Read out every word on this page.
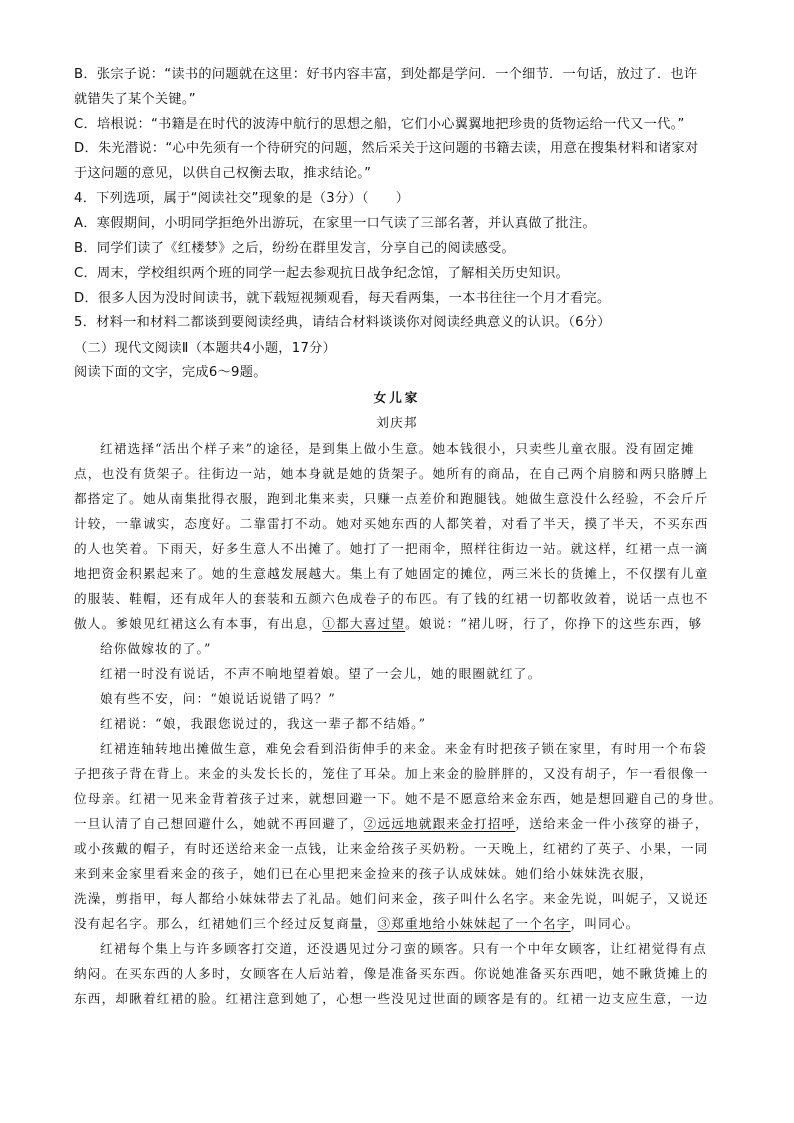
B．张宗子说：“读书的问题就在这里：好书内容丰富，到处都是学问．一个细节．一句话，放过了．也许
就错失了某个关键。”
C．培根说：“书籍是在时代的波涛中航行的思想之船，它们小心翼翼地把珍贵的货物运给一代又一代。”
D．朱光潜说：“心中先须有一个待研究的问题，然后采关于这问题的书籍去读，用意在搜集材料和诸家对
于这问题的意见，以供自己权衡去取，推求结论。”
4．下列选项，属于“阅读社交”现象的是（3分）（　　）
A．寒假期间，小明同学拒绝外出游玩，在家里一口气读了三部名著，并认真做了批注。
B．同学们读了《红楼梦》之后，纷纷在群里发言，分享自己的阅读感受。
C．周末，学校组织两个班的同学一起去参观抗日战争纪念馆，了解相关历史知识。
D．很多人因为没时间读书，就下载短视频观看，每天看两集，一本书往往一个月才看完。
5．材料一和材料二都谈到要阅读经典，请结合材料谈谈你对阅读经典意义的认识。（6分）
（二）现代文阅读Ⅱ（本题共4小题，17分）
阅读下面的文字，完成6～9题。
女儿家
刘庆邦
红裙选择“活出个样子来”的途径，是到集上做小生意。她本钱很小，只卖些儿童衣服。没有固定摊
点，也没有货架子。往街边一站，她本身就是她的货架子。她所有的商品，在自己两个肩膀和两只胳膊上
都搭定了。她从南集批得衣服，跑到北集来卖，只赚一点差价和跑腿钱。她做生意没什么经验，不会斤斤
计较，一靠诚实，态度好。二靠雷打不动。她对买她东西的人都笑着，对看了半天，摸了半天，不买东西
的人也笑着。下雨天，好多生意人不出摊了。她打了一把雨伞，照样往街边一站。就这样，红裙一点一滴
地把资金积累起来了。她的生意越发展越大。集上有了她固定的摊位，两三米长的货摊上，不仅摆有儿童
的服装、鞋帽，还有成年人的套装和五颜六色成卷子的布匹。有了钱的红裙一切都收敛着，说话一点也不
傲人。爹娘见红裙这么有本事，有出息，①都大喜过望。娘说：“裙儿呀，行了，你挣下的这些东西，够
给你做嫁妆的了。”
红裙一时没有说话，不声不响地望着娘。望了一会儿，她的眼圈就红了。
娘有些不安，问：“娘说话说错了吗？”
红裙说：“娘，我跟您说过的，我这一辈子都不结婚。”
红裙连轴转地出摊做生意，难免会看到沿街伸手的来金。来金有时把孩子锁在家里，有时用一个布袋
子把孩子背在背上。来金的头发长长的，笼住了耳朵。加上来金的脸胖胖的，又没有胡子，乍一看很像一
位母亲。红裙一见来金背着孩子过来，就想回避一下。她不是不愿意给来金东西，她是想回避自己的身世。
一旦认清了自己想回避什么，她就不再回避了，②远远地就跟来金打招呼，送给来金一件小孩穿的褂子，
或小孩戴的帽子，有时还送给来金一点钱，让来金给孩子买奶粉。一天晚上，红裙约了英子、小果，一同
来到来金家里看来金的孩子，她们已在心里把来金捡来的孩子认成妹妹。她们给小妹妹洗衣服，
洗澡，剪指甲，每人都给小妹妹带去了礼品。她们问来金，孩子叫什么名字。来金先说，叫妮子，又说还
没有起名字。那么，红裙她们三个经过反复商量，③郑重地给小妹妹起了一个名字，叫同心。
红裙每个集上与许多顾客打交道，还没遇见过分刁蛮的顾客。只有一个中年女顾客，让红裙觉得有点
纳闷。在买东西的人多时，女顾客在人后站着，像是准备买东西。你说她准备买东西吧，她不瞅货摊上的
东西，却瞅着红裙的脸。红裙注意到她了，心想一些没见过世面的顾客是有的。红裙一边支应生意，一边
